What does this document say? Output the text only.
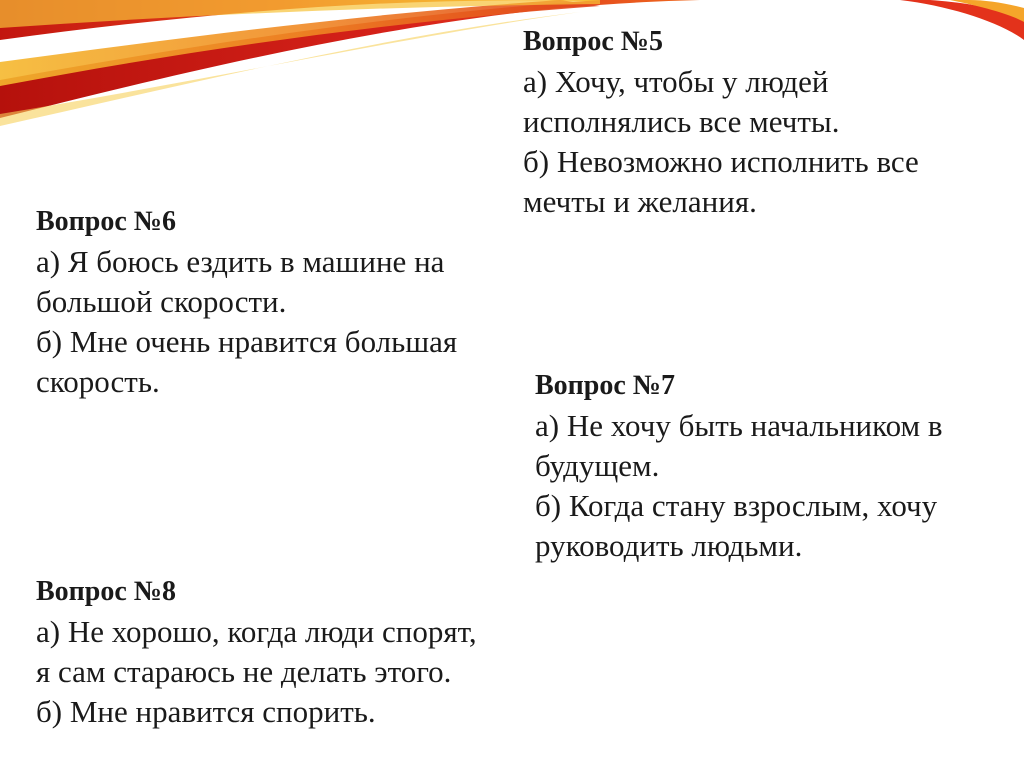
Вопрос №5
а) Хочу, чтобы у людей
исполнялись все мечты.
б) Невозможно исполнить все
мечты и желания.
Вопрос №6
а) Я боюсь ездить в машине на
большой скорости.
б) Мне очень нравится большая
скорость.	Вопрос №7
а) Не хочу быть начальником в
будущем.
б) Когда стану взрослым, хочу
руководить людьми.
Вопрос №8
а) Не хорошо, когда люди спорят,
я сам стараюсь не делать этого.
б) Мне нравится спорить.
